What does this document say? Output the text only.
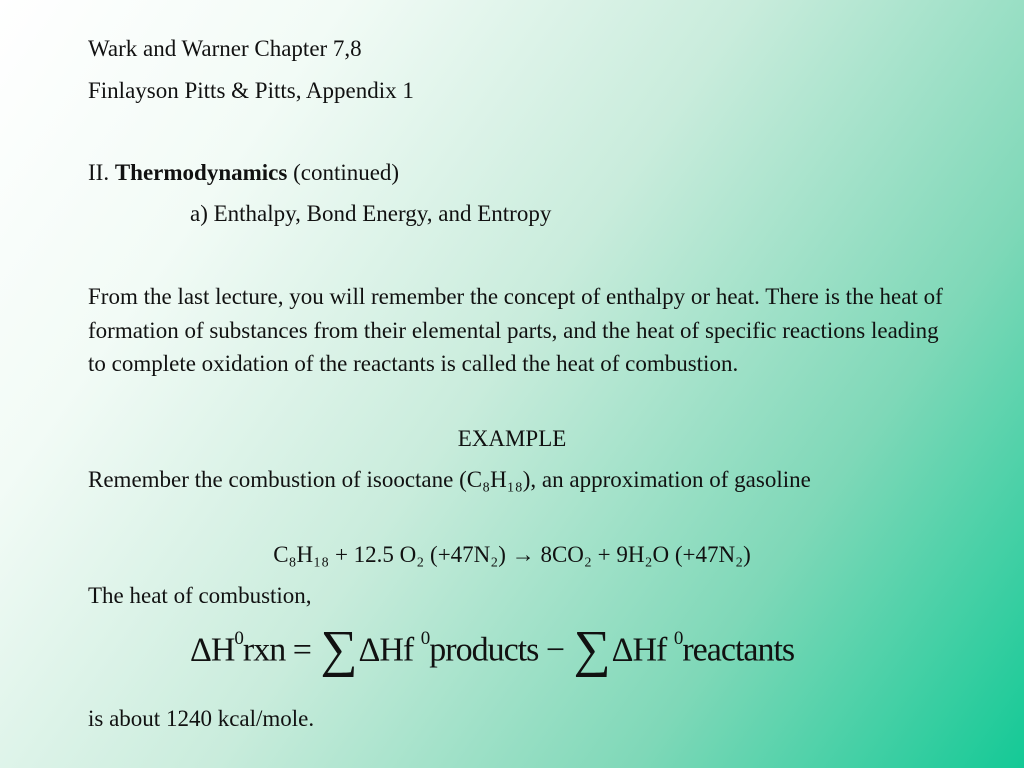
Wark and Warner Chapter 7,8
Finlayson Pitts & Pitts, Appendix 1
II. Thermodynamics (continued)
a) Enthalpy, Bond Energy, and Entropy
From the last lecture, you will remember the concept of enthalpy or heat. There is the heat of formation of substances from their elemental parts, and the heat of specific reactions leading to complete oxidation of the reactants is called the heat of combustion.
EXAMPLE
Remember the combustion of isooctane (C₈H₁₈), an approximation of gasoline
C₈H₁₈ + 12.5 O₂ (+47N₂) → 8CO₂ + 9H₂O (+47N₂)
The heat of combustion,
$\Delta H^0rxn = \sum\Delta Hf$ $^0$products − ∑ΔHf $^0$reactants
is about 1240 kcal/mole.
